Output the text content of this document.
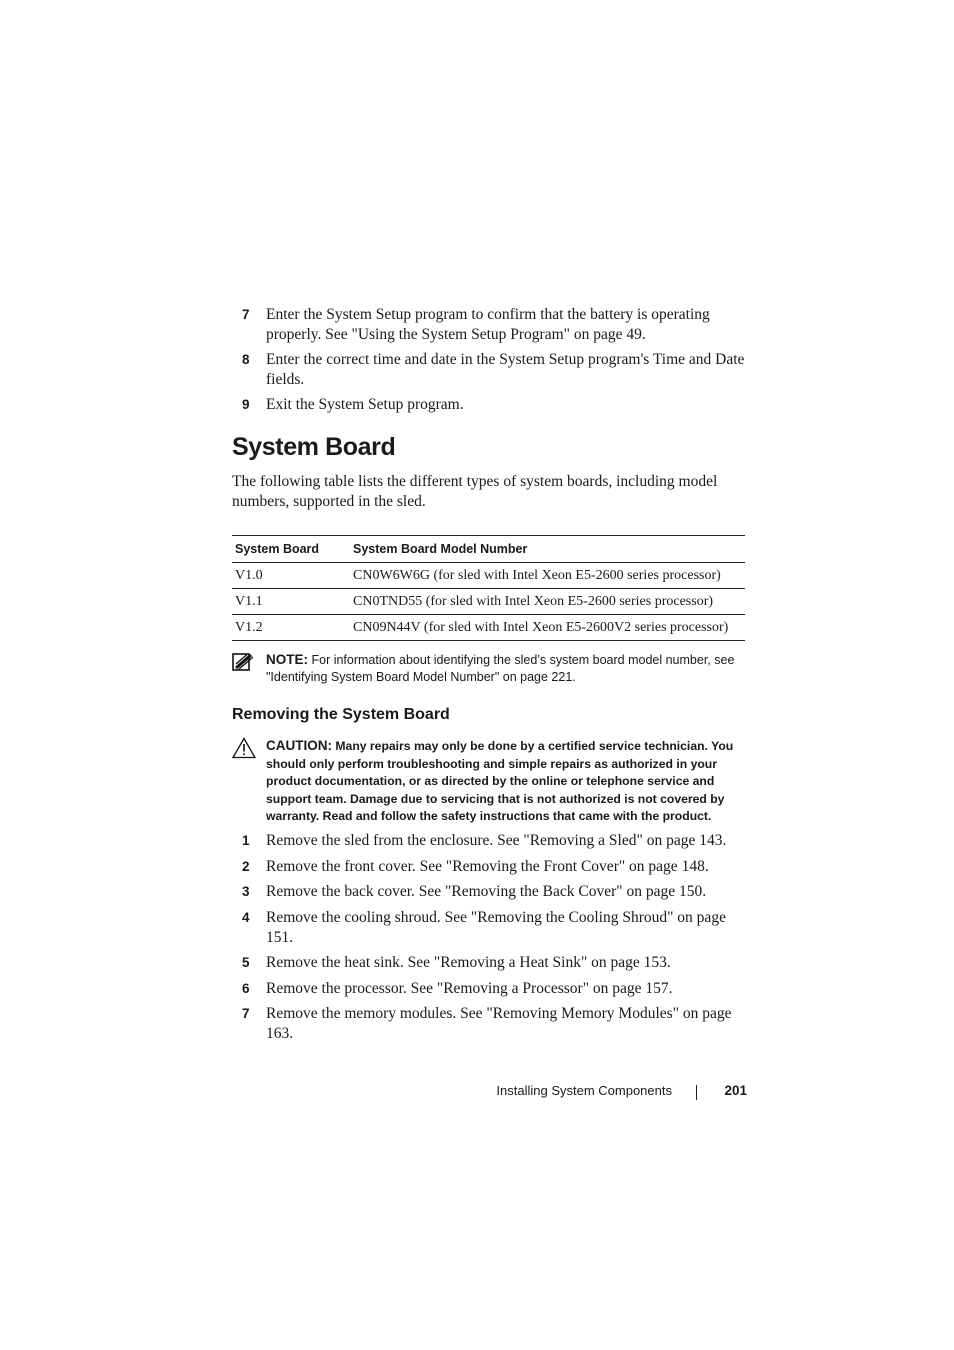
7 Enter the System Setup program to confirm that the battery is operating properly. See "Using the System Setup Program" on page 49.
8 Enter the correct time and date in the System Setup program's Time and Date fields.
9 Exit the System Setup program.
System Board

The following table lists the different types of system boards, including model numbers, supported in the sled.

System Board	System Board Model Number
V1.0	CN0W6W6G (for sled with Intel Xeon E5-2600 series processor)
V1.1	CN0TND55 (for sled with Intel Xeon E5-2600 series processor)
V1.2	CN09N44V (for sled with Intel Xeon E5-2600V2 series processor)
NOTE: For information about identifying the sled’s system board model number, see "Identifying System Board Model Number" on page 221.
Removing the System Board
CAUTION: Many repairs may only be done by a certified service technician. You should only perform troubleshooting and simple repairs as authorized in your product documentation, or as directed by the online or telephone service and support team. Damage due to servicing that is not authorized is not covered by warranty. Read and follow the safety instructions that came with the product.
1 Remove the sled from the enclosure. See "Removing a Sled" on page 143.
2 Remove the front cover. See "Removing the Front Cover" on page 148.
3 Remove the back cover. See "Removing the Back Cover" on page 150.
4 Remove the cooling shroud. See "Removing the Cooling Shroud" on page 151.
5 Remove the heat sink. See "Removing a Heat Sink" on page 153.
6 Remove the processor. See "Removing a Processor" on page 157.
7 Remove the memory modules. See "Removing Memory Modules" on page 163.
Installing System Components	201
